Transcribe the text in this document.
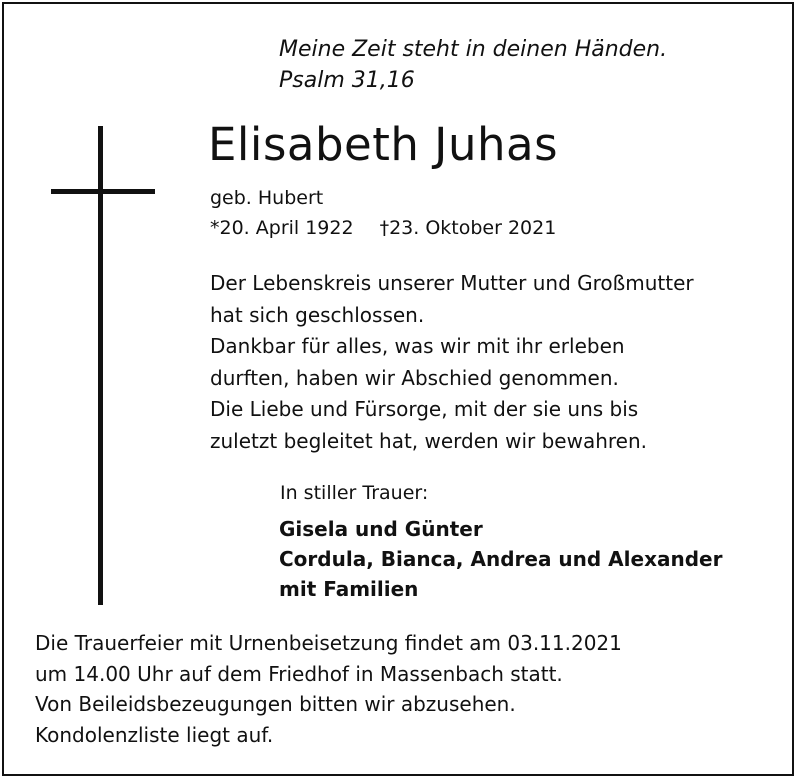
Meine Zeit steht in deinen Händen.
Psalm 31,16
Elisabeth Juhas
geb. Hubert
*20. April 1922 †23. Oktober 2021
Der Lebenskreis unserer Mutter und Großmutter
hat sich geschlossen.
Dankbar für alles, was wir mit ihr erleben
durften, haben wir Abschied genommen.
Die Liebe und Fürsorge, mit der sie uns bis
zuletzt begleitet hat, werden wir bewahren.
In stiller Trauer:
Gisela und Günter
Cordula, Bianca, Andrea und Alexander
mit Familien
Die Trauerfeier mit Urnenbeisetzung findet am 03.11.2021
um 14.00 Uhr auf dem Friedhof in Massenbach statt.
Von Beileidsbezeugungen bitten wir abzusehen.
Kondolenzliste liegt auf.
